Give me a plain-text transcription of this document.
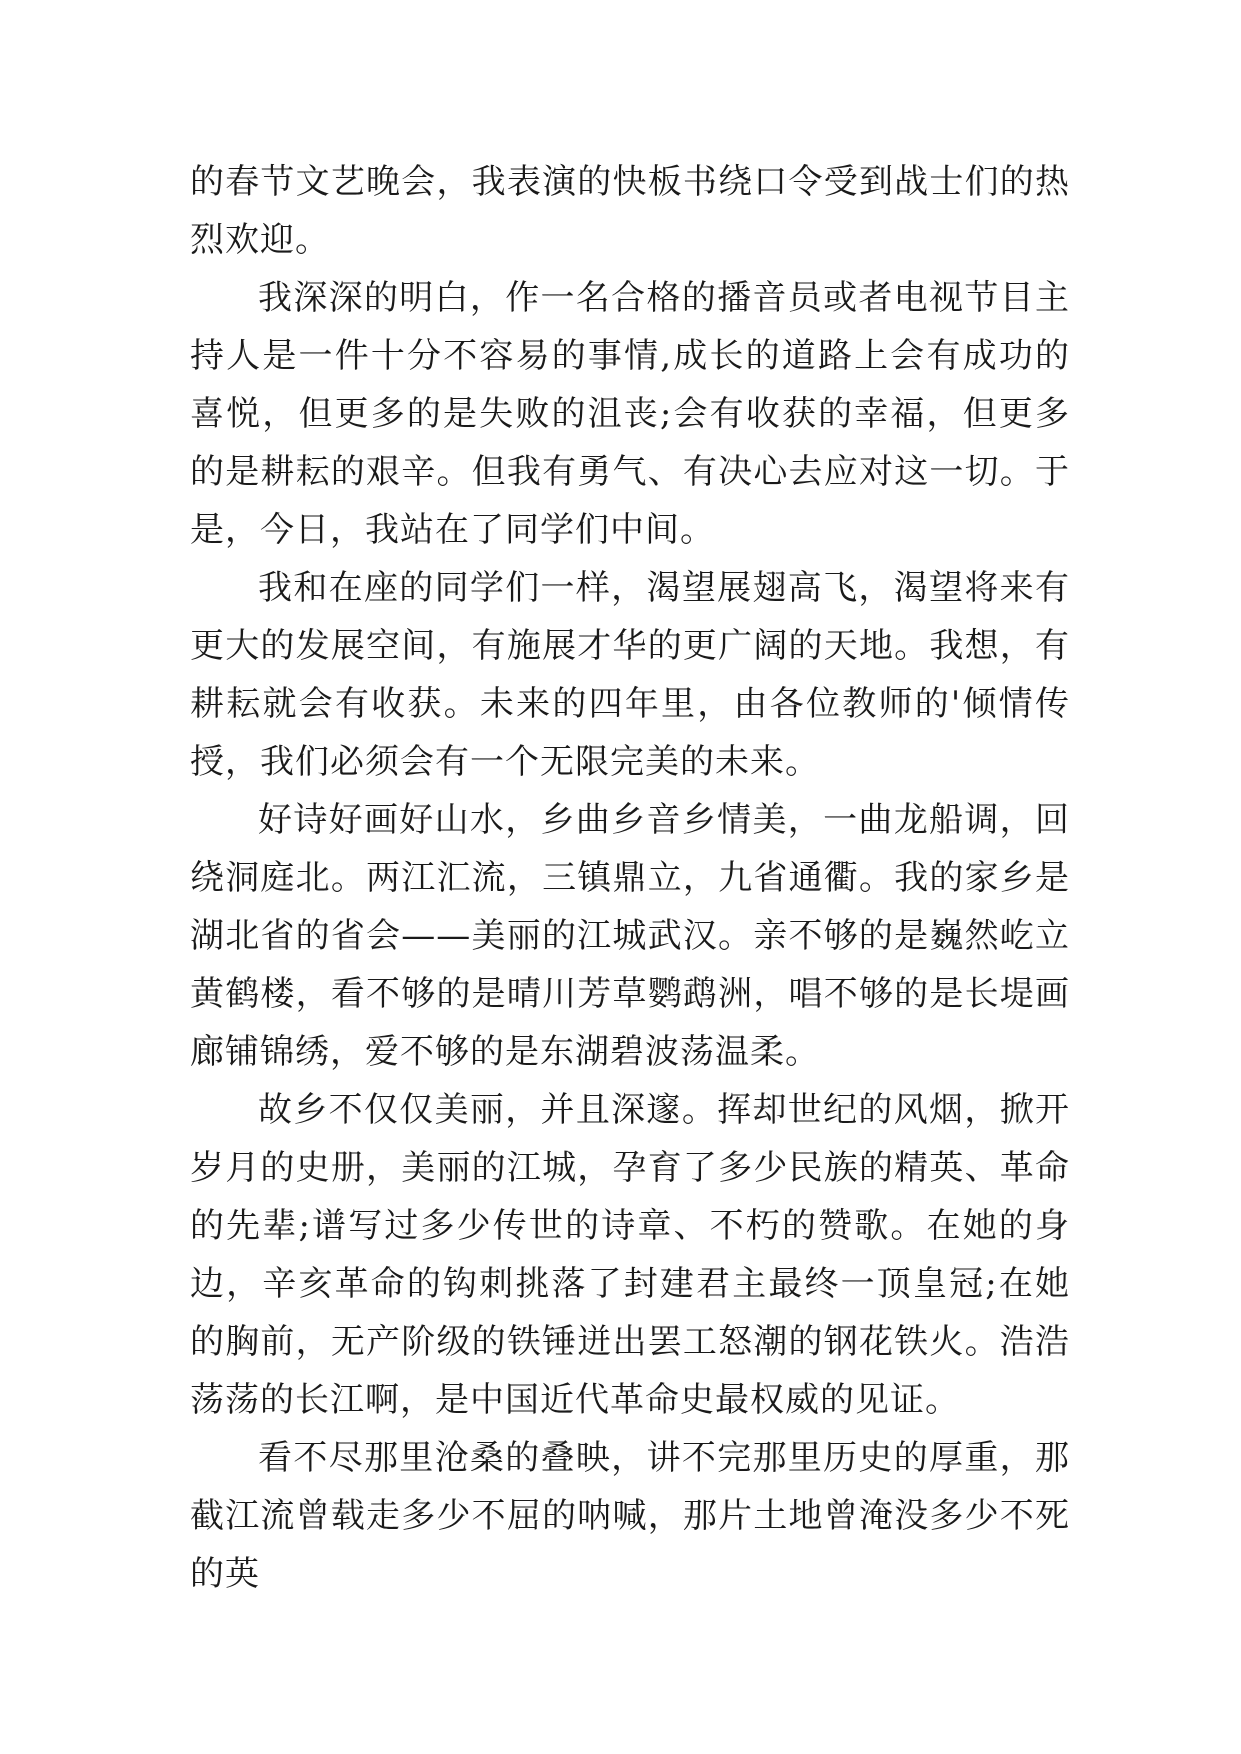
的春节文艺晚会，我表演的快板书绕口令受到战士们的热烈欢迎。

我深深的明白，作一名合格的播音员或者电视节目主持人是一件十分不容易的事情,成长的道路上会有成功的喜悦，但更多的是失败的沮丧;会有收获的幸福，但更多的是耕耘的艰辛。但我有勇气、有决心去应对这一切。于是，今日，我站在了同学们中间。

我和在座的同学们一样，渴望展翅高飞，渴望将来有更大的发展空间，有施展才华的更广阔的天地。我想，有耕耘就会有收获。未来的四年里，由各位教师的'倾情传授，我们必须会有一个无限完美的未来。

好诗好画好山水，乡曲乡音乡情美，一曲龙船调，回绕洞庭北。两江汇流，三镇鼎立，九省通衢。我的家乡是湖北省的省会——美丽的江城武汉。亲不够的是巍然屹立黄鹤楼，看不够的是晴川芳草鹦鹉洲，唱不够的是长堤画廊铺锦绣，爱不够的是东湖碧波荡温柔。

故乡不仅仅美丽，并且深邃。挥却世纪的风烟，掀开岁月的史册，美丽的江城，孕育了多少民族的精英、革命的先辈;谱写过多少传世的诗章、不朽的赞歌。在她的身边，辛亥革命的钩刺挑落了封建君主最终一顶皇冠;在她的胸前，无产阶级的铁锤迸出罢工怒潮的钢花铁火。浩浩荡荡的长江啊，是中国近代革命史最权威的见证。

看不尽那里沧桑的叠映，讲不完那里历史的厚重，那截江流曾载走多少不屈的呐喊，那片土地曾淹没多少不死的英
